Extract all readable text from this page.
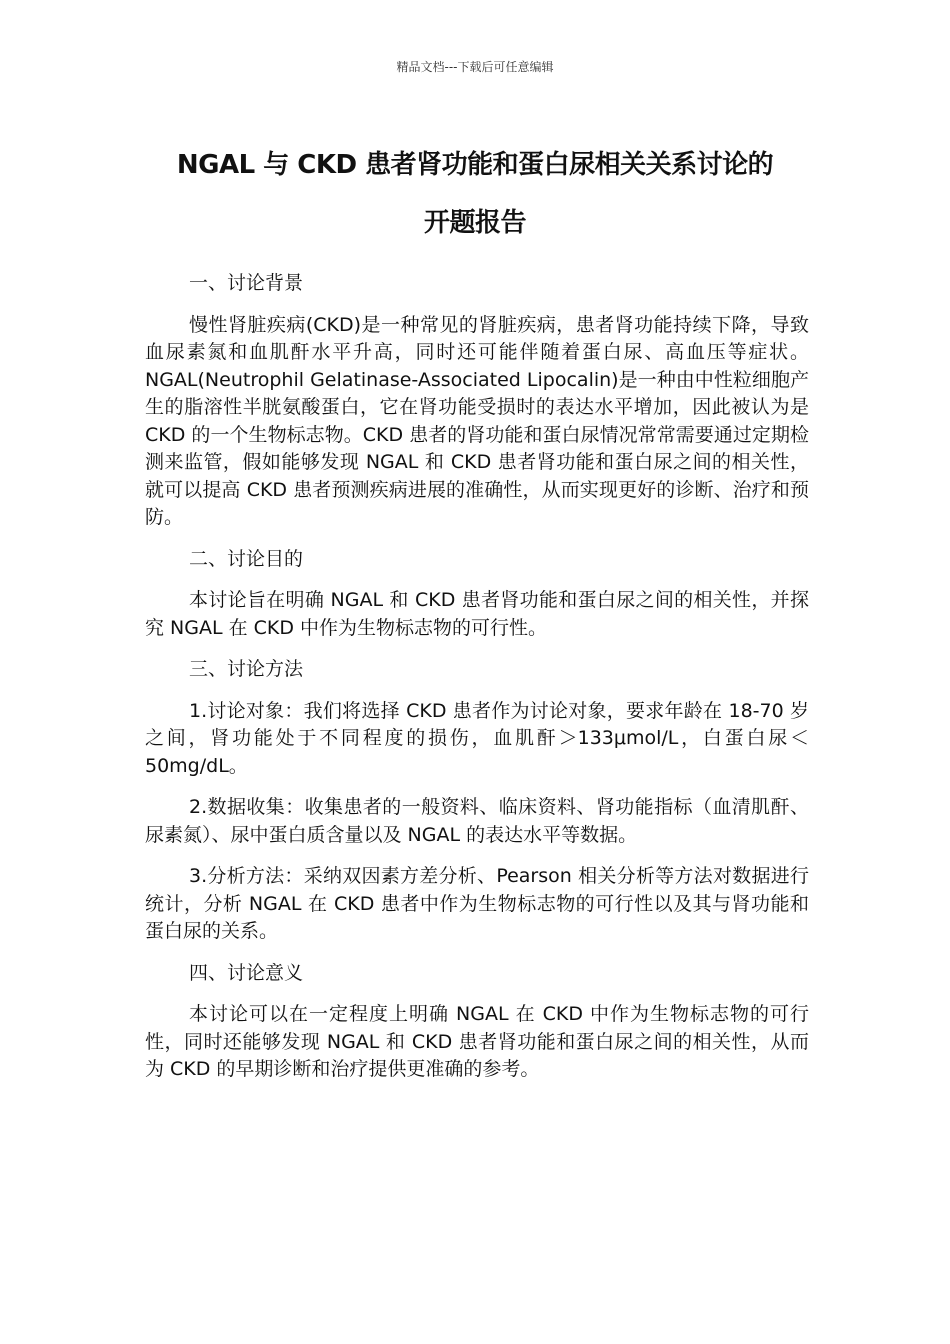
精品文档---下载后可任意编辑
NGAL 与 CKD 患者肾功能和蛋白尿相关关系讨论的
开题报告
一、讨论背景

慢性肾脏疾病(CKD)是一种常见的肾脏疾病，患者肾功能持续下降，导致血尿素氮和血肌酐水平升高，同时还可能伴随着蛋白尿、高血压等症状。NGAL(Neutrophil Gelatinase-Associated Lipocalin)是一种由中性粒细胞产生的脂溶性半胱氨酸蛋白，它在肾功能受损时的表达水平增加，因此被认为是 CKD 的一个生物标志物。CKD 患者的肾功能和蛋白尿情况常常需要通过定期检测来监管，假如能够发现 NGAL 和 CKD 患者肾功能和蛋白尿之间的相关性，就可以提高 CKD 患者预测疾病进展的准确性，从而实现更好的诊断、治疗和预防。

二、讨论目的

本讨论旨在明确 NGAL 和 CKD 患者肾功能和蛋白尿之间的相关性，并探究 NGAL 在 CKD 中作为生物标志物的可行性。

三、讨论方法

1.讨论对象：我们将选择 CKD 患者作为讨论对象，要求年龄在 18-70 岁之间，肾功能处于不同程度的损伤，血肌酐＞133μmol/L，白蛋白尿＜50mg/dL。

2.数据收集：收集患者的一般资料、临床资料、肾功能指标（血清肌酐、尿素氮）、尿中蛋白质含量以及 NGAL 的表达水平等数据。

3.分析方法：采纳双因素方差分析、Pearson 相关分析等方法对数据进行统计，分析 NGAL 在 CKD 患者中作为生物标志物的可行性以及其与肾功能和蛋白尿的关系。

四、讨论意义

本讨论可以在一定程度上明确 NGAL 在 CKD 中作为生物标志物的可行性，同时还能够发现 NGAL 和 CKD 患者肾功能和蛋白尿之间的相关性，从而为 CKD 的早期诊断和治疗提供更准确的参考。
